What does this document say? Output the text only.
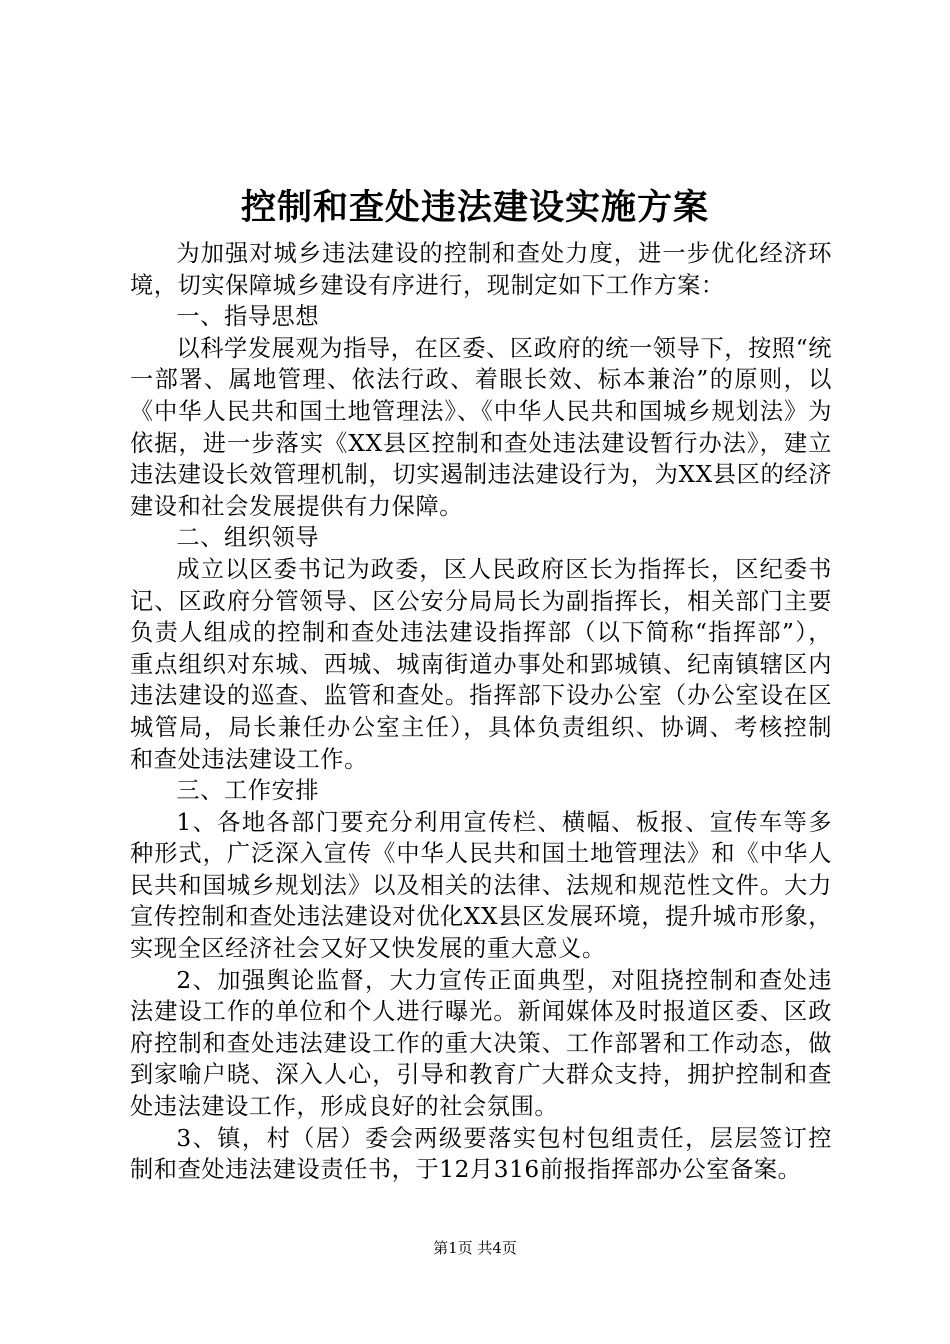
控制和查处违法建设实施方案

为加强对城乡违法建设的控制和查处力度，进一步优化经济环境，切实保障城乡建设有序进行，现制定如下工作方案：

一、指导思想

以科学发展观为指导，在区委、区政府的统一领导下，按照“统一部署、属地管理、依法行政、着眼长效、标本兼治”的原则，以《中华人民共和国土地管理法》、《中华人民共和国城乡规划法》为依据，进一步落实《XX县区控制和查处违法建设暂行办法》，建立违法建设长效管理机制，切实遏制违法建设行为，为XX县区的经济建设和社会发展提供有力保障。

二、组织领导

成立以区委书记为政委，区人民政府区长为指挥长，区纪委书记、区政府分管领导、区公安分局局长为副指挥长，相关部门主要负责人组成的控制和查处违法建设指挥部（以下简称“指挥部”），重点组织对东城、西城、城南街道办事处和郢城镇、纪南镇辖区内违法建设的巡查、监管和查处。指挥部下设办公室（办公室设在区城管局，局长兼任办公室主任），具体负责组织、协调、考核控制和查处违法建设工作。

三、工作安排

1、各地各部门要充分利用宣传栏、横幅、板报、宣传车等多种形式，广泛深入宣传《中华人民共和国土地管理法》和《中华人民共和国城乡规划法》以及相关的法律、法规和规范性文件。大力宣传控制和查处违法建设对优化XX县区发展环境，提升城市形象，实现全区经济社会又好又快发展的重大意义。

2、加强舆论监督，大力宣传正面典型，对阻挠控制和查处违法建设工作的单位和个人进行曝光。新闻媒体及时报道区委、区政府控制和查处违法建设工作的重大决策、工作部署和工作动态，做到家喻户晓、深入人心，引导和教育广大群众支持，拥护控制和查处违法建设工作，形成良好的社会氛围。

3、镇，村（居）委会两级要落实包村包组责任，层层签订控制和查处违法建设责任书，于12月316前报指挥部办公室备案。

第1页 共4页
